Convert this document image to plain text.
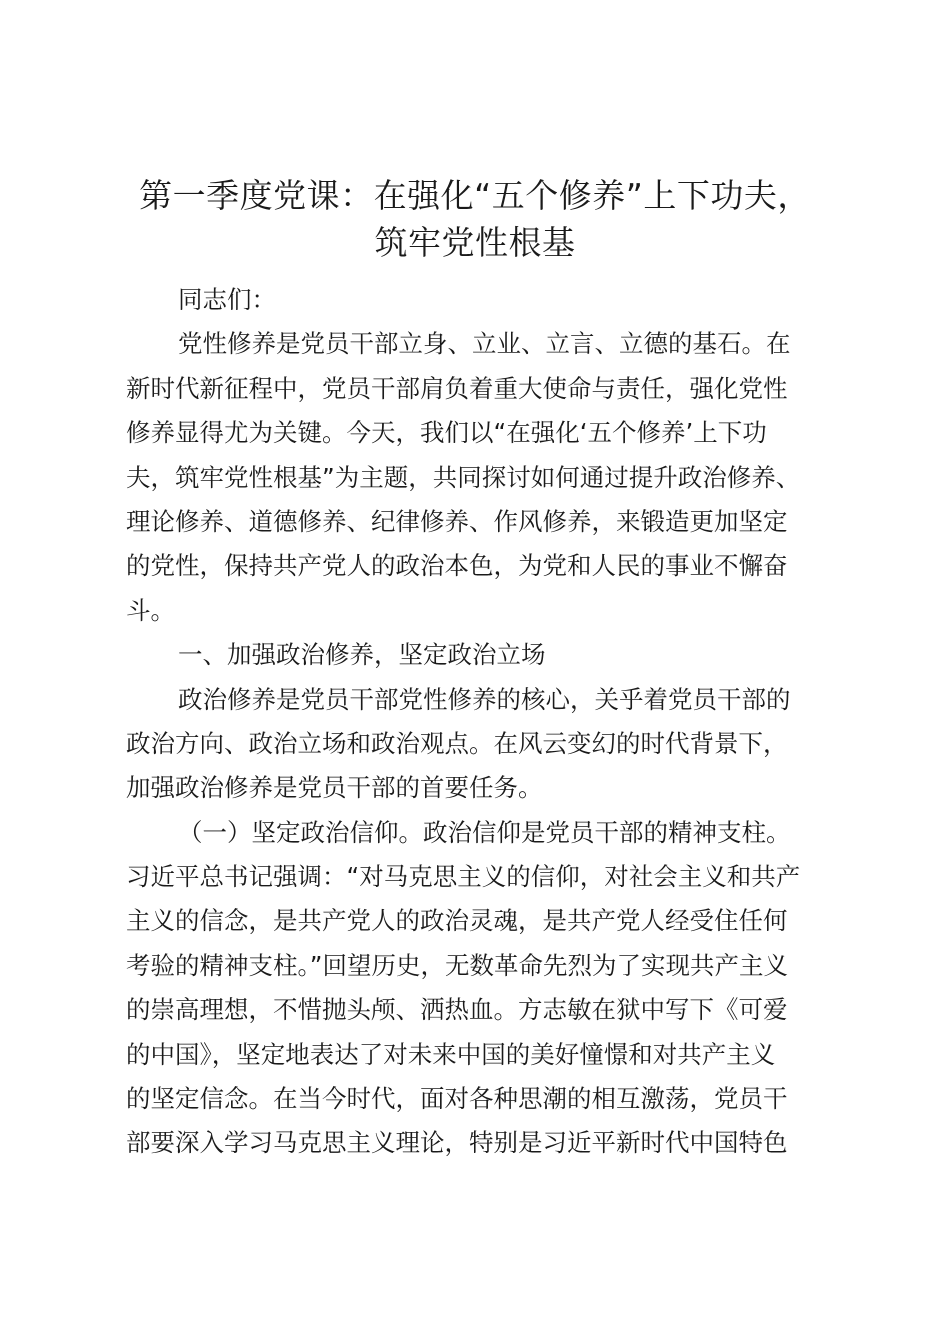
第一季度党课：在强化“五个修养”上下功夫，
筑牢党性根基
同志们：
党性修养是党员干部立身、立业、立言、立德的基石。在
新时代新征程中，党员干部肩负着重大使命与责任，强化党性
修养显得尤为关键。今天，我们以“在强化‘五个修养’上下功
夫，筑牢党性根基”为主题，共同探讨如何通过提升政治修养、
理论修养、道德修养、纪律修养、作风修养，来锻造更加坚定
的党性，保持共产党人的政治本色，为党和人民的事业不懈奋
斗。
一、加强政治修养，坚定政治立场
政治修养是党员干部党性修养的核心，关乎着党员干部的
政治方向、政治立场和政治观点。在风云变幻的时代背景下，
加强政治修养是党员干部的首要任务。
（一）坚定政治信仰。政治信仰是党员干部的精神支柱。
习近平总书记强调：“对马克思主义的信仰，对社会主义和共产
主义的信念，是共产党人的政治灵魂，是共产党人经受住任何
考验的精神支柱。”回望历史，无数革命先烈为了实现共产主义
的崇高理想，不惜抛头颅、洒热血。方志敏在狱中写下《可爱
的中国》，坚定地表达了对未来中国的美好憧憬和对共产主义
的坚定信念。在当今时代，面对各种思潮的相互激荡，党员干
部要深入学习马克思主义理论，特别是习近平新时代中国特色
